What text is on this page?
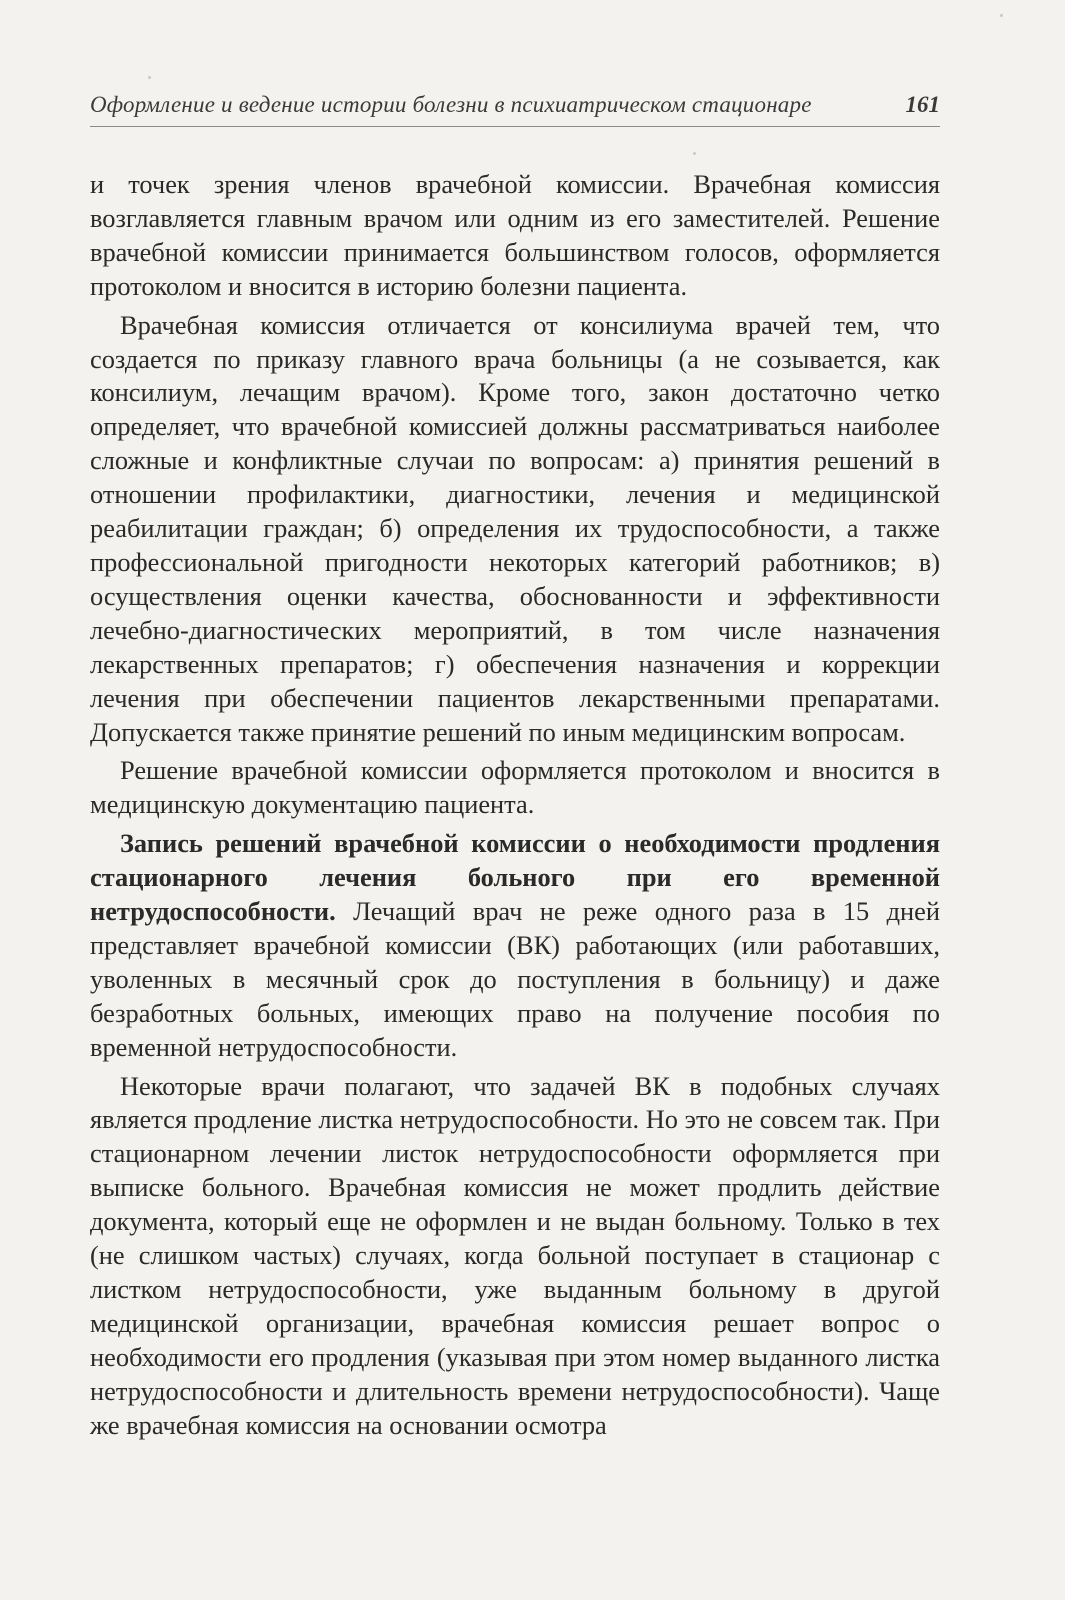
Оформление и ведение истории болезни в психиатрическом стационаре	161

и точек зрения членов врачебной комиссии. Врачебная комиссия возглавляется главным врачом или одним из его заместителей. Решение врачебной комиссии принимается большинством голосов, оформляется протоколом и вносится в историю болезни пациента.

Врачебная комиссия отличается от консилиума врачей тем, что создается по приказу главного врача больницы (а не созывается, как консилиум, лечащим врачом). Кроме того, закон достаточно четко определяет, что врачебной комиссией должны рассматриваться наиболее сложные и конфликтные случаи по вопросам: а) принятия решений в отношении профилактики, диагностики, лечения и медицинской реабилитации граждан; б) определения их трудоспособности, а также профессиональной пригодности некоторых категорий работников; в) осуществления оценки качества, обоснованности и эффективности лечебно-диагностических мероприятий, в том числе назначения лекарственных препаратов; г) обеспечения назначения и коррекции лечения при обеспечении пациентов лекарственными препаратами. Допускается также принятие решений по иным медицинским вопросам.

Решение врачебной комиссии оформляется протоколом и вносится в медицинскую документацию пациента.

Запись решений врачебной комиссии о необходимости продления стационарного лечения больного при его временной нетрудоспособности. Лечащий врач не реже одного раза в 15 дней представляет врачебной комиссии (ВК) работающих (или работавших, уволенных в месячный срок до поступления в больницу) и даже безработных больных, имеющих право на получение пособия по временной нетрудоспособности.

Некоторые врачи полагают, что задачей ВК в подобных случаях является продление листка нетрудоспособности. Но это не совсем так. При стационарном лечении листок нетрудоспособности оформляется при выписке больного. Врачебная комиссия не может продлить действие документа, который еще не оформлен и не выдан больному. Только в тех (не слишком частых) случаях, когда больной поступает в стационар с листком нетрудоспособности, уже выданным больному в другой медицинской организации, врачебная комиссия решает вопрос о необходимости его продления (указывая при этом номер выданного листка нетрудоспособности и длительность времени нетрудоспособности). Чаще же врачебная комиссия на основании осмотра
